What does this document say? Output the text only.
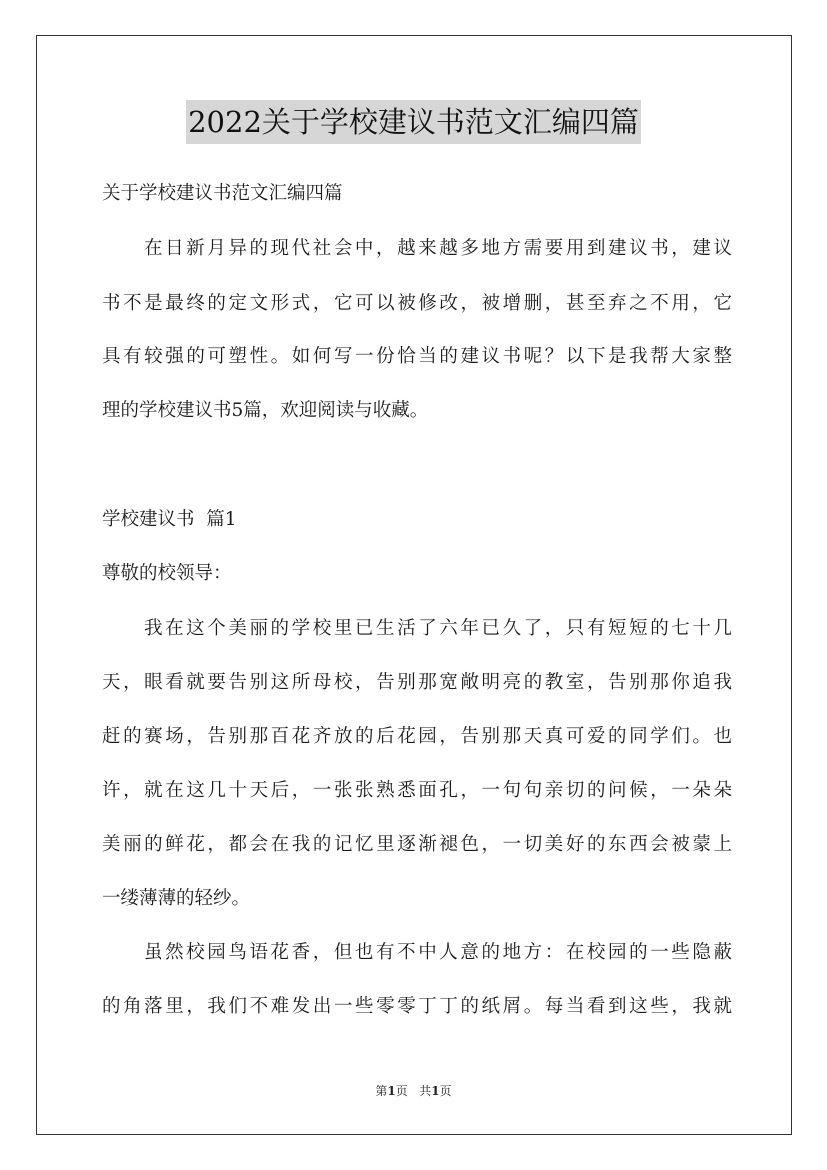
2022关于学校建议书范文汇编四篇
关于学校建议书范文汇编四篇
在日新月异的现代社会中，越来越多地方需要用到建议书，建议
书不是最终的定文形式，它可以被修改，被增删，甚至弃之不用，它
具有较强的可塑性。如何写一份恰当的建议书呢？以下是我帮大家整
理的学校建议书5篇，欢迎阅读与收藏。
学校建议书  篇1
尊敬的校领导：
我在这个美丽的学校里已生活了六年已久了，只有短短的七十几
天，眼看就要告别这所母校，告别那宽敞明亮的教室，告别那你追我
赶的赛场，告别那百花齐放的后花园，告别那天真可爱的同学们。也
许，就在这几十天后，一张张熟悉面孔，一句句亲切的问候，一朵朵
美丽的鲜花，都会在我的记忆里逐渐褪色，一切美好的东西会被蒙上
一缕薄薄的轻纱。
虽然校园鸟语花香，但也有不中人意的地方：在校园的一些隐蔽
的角落里，我们不难发出一些零零丁丁的纸屑。每当看到这些，我就
第1页 共1页
